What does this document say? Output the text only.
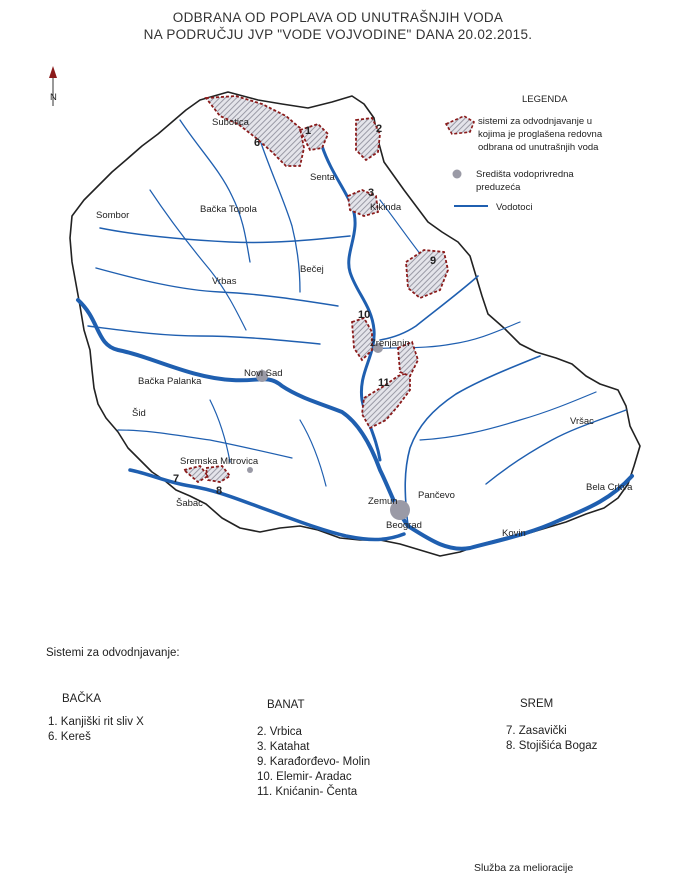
ODBRANA OD POPLAVA OD UNUTRAŠNJIH VODA
NA PODRUČJU JVP "VODE VOJVODINE" DANA 20.02.2015.
N
Subotica
Senta
Bačka Topola	Kikinda
Sombor
Bečej
Vrbas
Zrenjanin
Novi Sad
Bačka Palanka
Šid
Vršac
Sremska Mitrovica
Šabac	Zemun
Pančevo
Beograd
Bela Crkva
Kovin
1	2
3
6
9
10
11
7
8
LEGENDA
sistemi za odvodnjavanje u
kojima je proglašena redovna
odbrana od unutrašnjih voda
Središta vodoprivredna
preduzeća
Vodotoci
Sistemi za odvodnjavanje:
BAČKA
1. Kanjiški rit sliv X
6. Kereš
BANAT
2. Vrbica
3. Katahat
9. Karađorđevo- Molin
10. Elemir- Aradac
11. Knićanin- Čenta
SREM
7. Zasavički
8. Stojišića Bogaz
Služba za melioracije
